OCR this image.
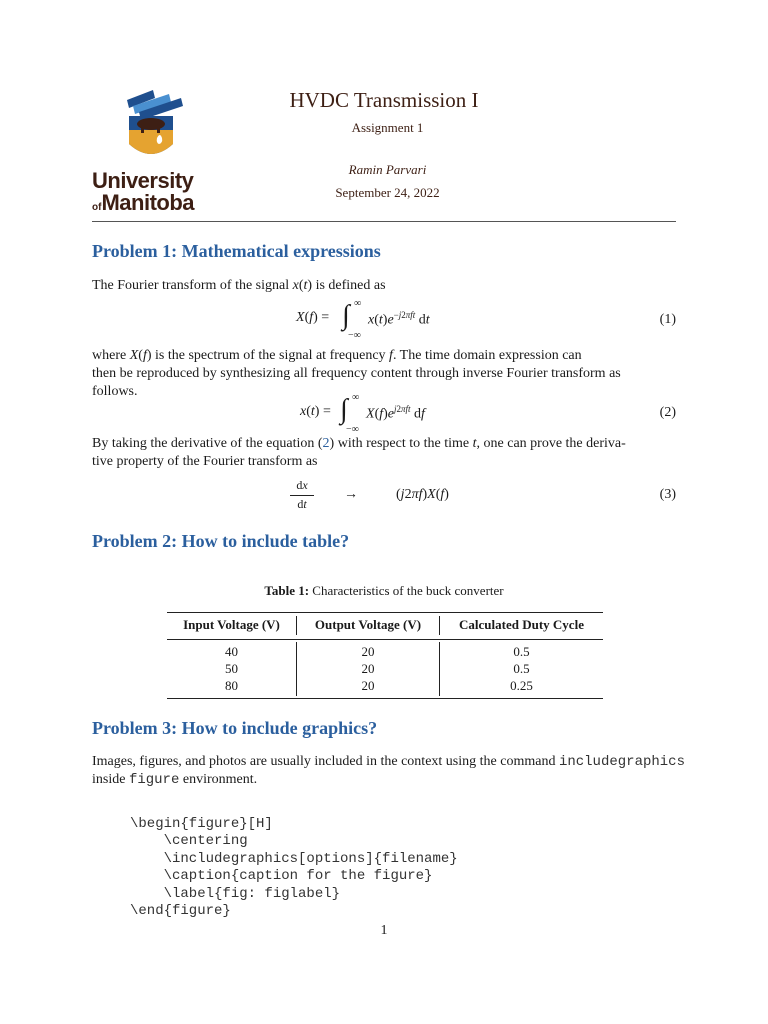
University
ofManitoba
HVDC Transmission I
Assignment 1
Ramin Parvari
September 24, 2022
Problem 1: Mathematical expressions
The Fourier transform of the signal x(t) is defined as
X(f) = ∫ ∞
−∞
$x(t)e^{-j2\pi ft}$ dt	(1)
where X(f) is the spectrum of the signal at frequency f. The time domain expression can
then be reproduced by synthesizing all frequency content through inverse Fourier transform as
follows.
x(t) = ∫ ∞
−∞
$X(f)e^{j2\pi ft}$ df	(2)
By taking the derivative of the equation (2) with respect to the time t, one can prove the deriva-
tive property of the Fourier transform as
dx
dt
→	(j2πf)X(f)	(3)
Problem 2: How to include table?
Table 1: Characteristics of the buck converter
Input Voltage (V)	Output Voltage (V)	Calculated Duty Cycle
40	20	0.5
50	20	0.5
80	20	0.25
Problem 3: How to include graphics?
Images, figures, and photos are usually included in the context using the command includegraphics
inside figure environment.

\begin{figure}[H]
\centering
\includegraphics[options]{filename}
\caption{caption for the figure}
\label{fig: figlabel}
\end{figure}

1
